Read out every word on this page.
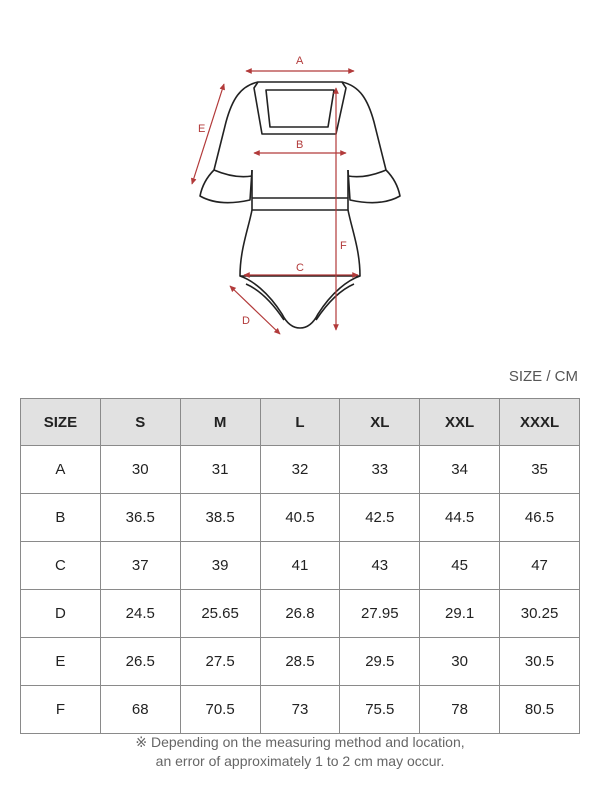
A
B
C
D
E
F
SIZE / CM
SIZE	S	M	L	XL	XXL	XXXL
A	30	31	32	33	34	35
B	36.5	38.5	40.5	42.5	44.5	46.5
C	37	39	41	43	45	47
D	24.5	25.65	26.8	27.95	29.1	30.25
E	26.5	27.5	28.5	29.5	30	30.5
F	68	70.5	73	75.5	78	80.5
※ Depending on the measuring method and location,
an error of approximately 1 to 2 cm may occur.
